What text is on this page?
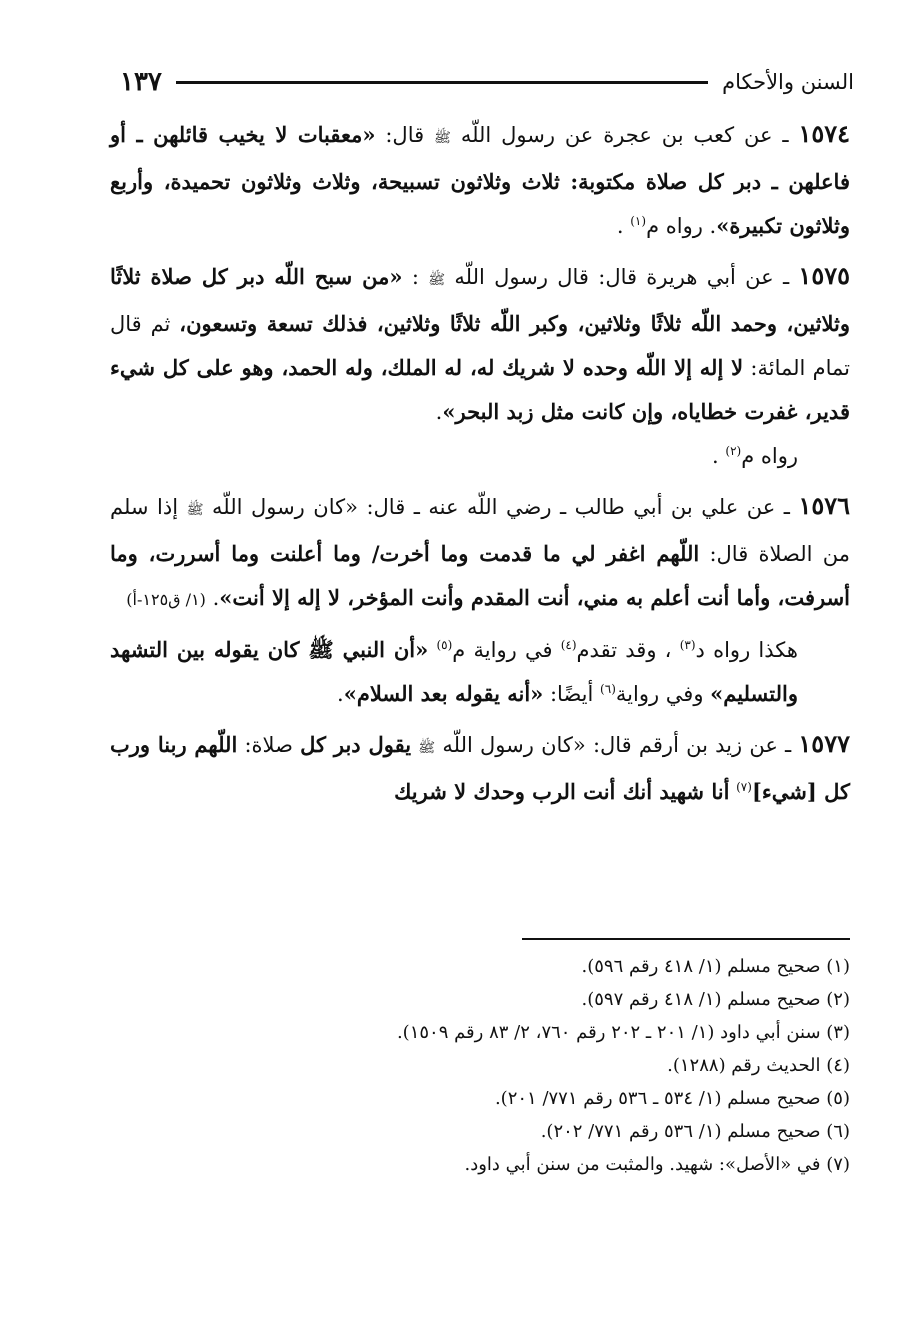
السنن والأحكام
١٣٧

١٥٧٤ ـ عن كعب بن عجرة عن رسول اللّه ﷺ قال: «معقبات لا يخيب قائلهن ـ أو فاعلهن ـ دبر كل صلاة مكتوبة: ثلاث وثلاثون تسبيحة، وثلاث وثلاثون تحميدة، وأربع وثلاثون تكبيرة». رواه م$^{(١)}$ .

١٥٧٥ ـ عن أبي هريرة قال: قال رسول اللّه ﷺ : «من سبح اللّه دبر كل صلاة ثلاثًا وثلاثين، وحمد اللّه ثلاثًا وثلاثين، وكبر اللّه ثلاثًا وثلاثين، فذلك تسعة وتسعون، ثم قال تمام المائة: لا إله إلا اللّه وحده لا شريك له، له الملك، وله الحمد، وهو على كل شيء قدير، غفرت خطاياه، وإن كانت مثل زبد البحر».
رواه م$^{(٢)}$ .

١٥٧٦ ـ عن علي بن أبي طالب ـ رضي اللّه عنه ـ قال: «كان رسول اللّه ﷺ إذا سلم من الصلاة قال: اللّهم اغفر لي ما قدمت وما أخرت/ وما أعلنت وما أسررت، وما أسرفت، وأما أنت أعلم به مني، أنت المقدم وأنت المؤخر، لا إله إلا أنت». (١/ ق١٢٥-أ)

هكذا رواه د$^{(٣)}$ ، وقد تقدم$^{(٤)}$ في رواية م$^{(٥)}$ «أن النبي ﷺ كان يقوله بين التشهد والتسليم» وفي رواية$^{(٦)}$ أيضًا: «أنه يقوله بعد السلام».

١٥٧٧ ـ عن زيد بن أرقم قال: «كان رسول اللّه ﷺ يقول دبر كل صلاة: اللّهم ربنا ورب كل [شيء]$^{(٧)}$ أنا شهيد أنك أنت الرب وحدك لا شريك

(١) صحيح مسلم (١/ ٤١٨ رقم ٥٩٦).
(٢) صحيح مسلم (١/ ٤١٨ رقم ٥٩٧).
(٣) سنن أبي داود (١/ ٢٠١ ـ ٢٠٢ رقم ٧٦٠، ٢/ ٨٣ رقم ١٥٠٩).
(٤) الحديث رقم (١٢٨٨).
(٥) صحيح مسلم (١/ ٥٣٤ ـ ٥٣٦ رقم ٧٧١/ ٢٠١).
(٦) صحيح مسلم (١/ ٥٣٦ رقم ٧٧١/ ٢٠٢).
(٧) في «الأصل»: شهيد. والمثبت من سنن أبي داود.
